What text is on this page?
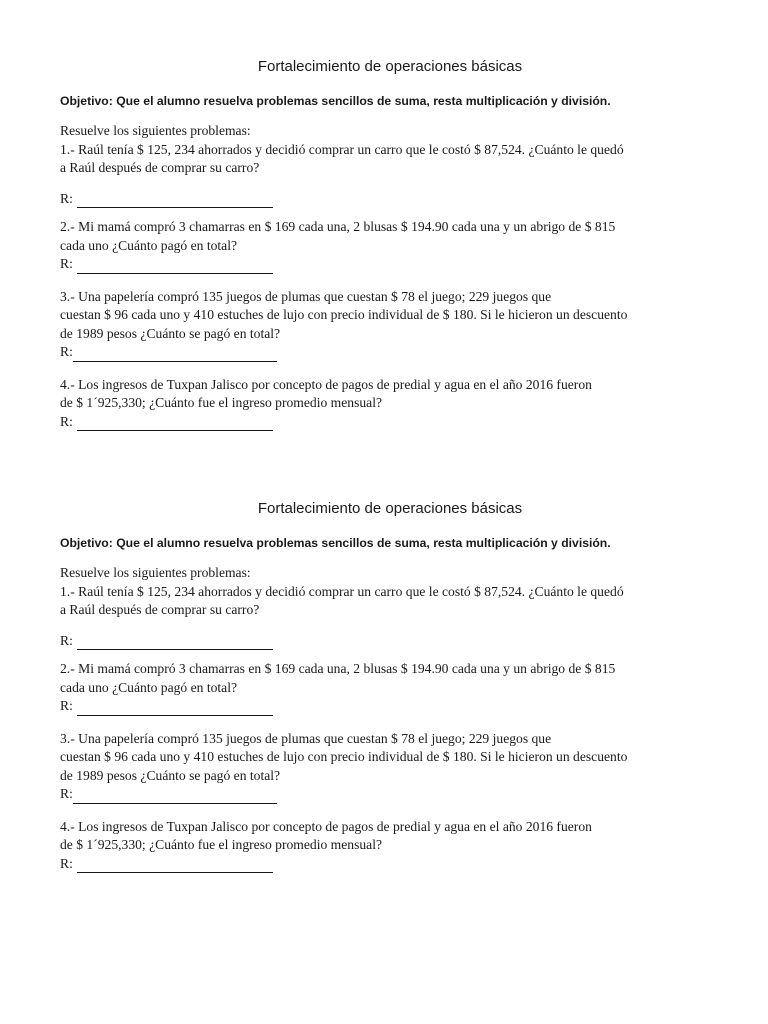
Fortalecimiento de operaciones básicas
Objetivo: Que el alumno resuelva problemas sencillos de suma, resta multiplicación y división.
Resuelve los siguientes problemas:
1.- Raúl tenía $ 125, 234 ahorrados y decidió comprar un carro que le costó $ 87,524. ¿Cuánto le quedó
a Raúl después de comprar su carro?
R:
2.- Mi mamá compró 3 chamarras en $ 169 cada una, 2 blusas $ 194.90 cada una y un abrigo de $ 815
cada uno ¿Cuánto pagó en total?
R:
3.- Una papelería compró 135 juegos de plumas que cuestan $ 78 el juego; 229 juegos que
cuestan $ 96 cada uno y 410 estuches de lujo con precio individual de $ 180. Si le hicieron un descuento
de 1989 pesos ¿Cuánto se pagó en total?
R:
4.- Los ingresos de Tuxpan Jalisco por concepto de pagos de predial y agua en el año 2016 fueron
de $ 1´925,330; ¿Cuánto fue el ingreso promedio mensual?
R:
Fortalecimiento de operaciones básicas
Objetivo: Que el alumno resuelva problemas sencillos de suma, resta multiplicación y división.
Resuelve los siguientes problemas:
1.- Raúl tenía $ 125, 234 ahorrados y decidió comprar un carro que le costó $ 87,524. ¿Cuánto le quedó
a Raúl después de comprar su carro?
R:
2.- Mi mamá compró 3 chamarras en $ 169 cada una, 2 blusas $ 194.90 cada una y un abrigo de $ 815
cada uno ¿Cuánto pagó en total?
R:
3.- Una papelería compró 135 juegos de plumas que cuestan $ 78 el juego; 229 juegos que
cuestan $ 96 cada uno y 410 estuches de lujo con precio individual de $ 180. Si le hicieron un descuento
de 1989 pesos ¿Cuánto se pagó en total?
R:
4.- Los ingresos de Tuxpan Jalisco por concepto de pagos de predial y agua en el año 2016 fueron
de $ 1´925,330; ¿Cuánto fue el ingreso promedio mensual?
R:
